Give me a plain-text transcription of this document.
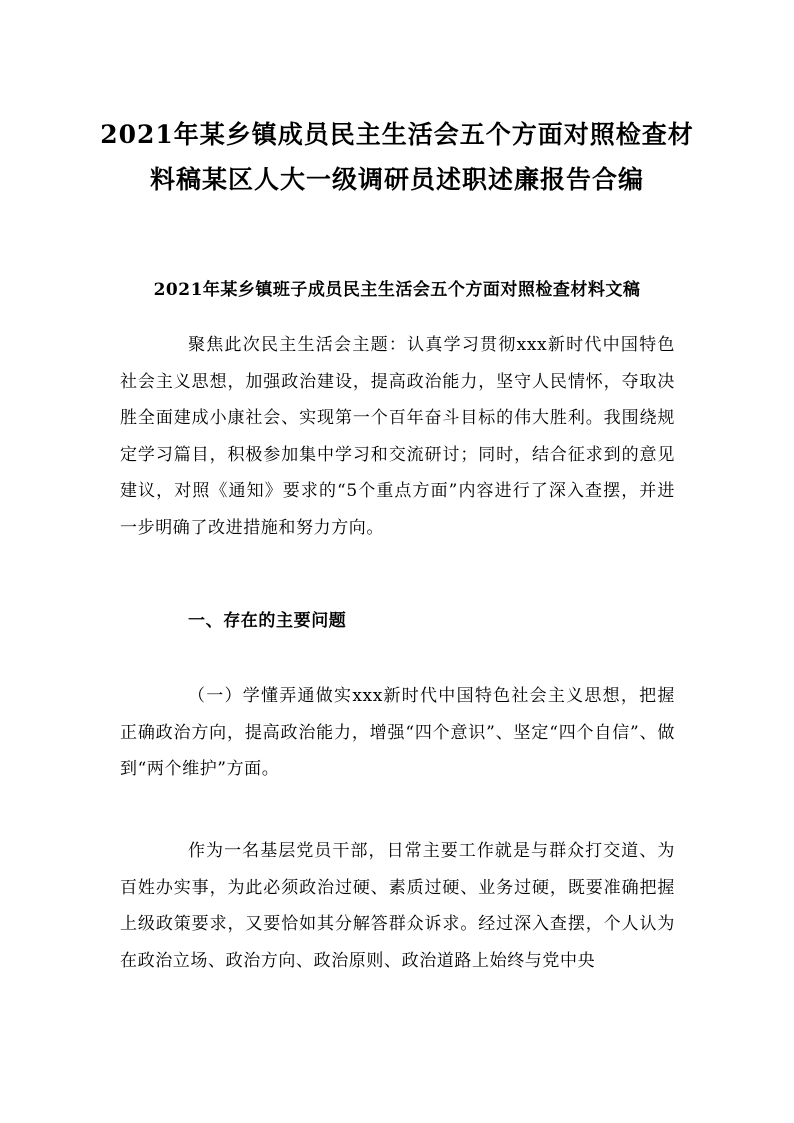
2021年某乡镇成员民主生活会五个方面对照检查材
料稿某区人大一级调研员述职述廉报告合编
2021年某乡镇班子成员民主生活会五个方面对照检查材料文稿

聚焦此次民主生活会主题：认真学习贯彻xxx新时代中国特色社会主义思想，加强政治建设，提高政治能力，坚守人民情怀，夺取决胜全面建成小康社会、实现第一个百年奋斗目标的伟大胜利。我围绕规定学习篇目，积极参加集中学习和交流研讨；同时，结合征求到的意见建议，对照《通知》要求的“5个重点方面”内容进行了深入查摆，并进一步明确了改进措施和努力方向。

一、存在的主要问题

（一）学懂弄通做实xxx新时代中国特色社会主义思想，把握正确政治方向，提高政治能力，增强“四个意识”、坚定“四个自信”、做到“两个维护”方面。

作为一名基层党员干部，日常主要工作就是与群众打交道、为百姓办实事，为此必须政治过硬、素质过硬、业务过硬，既要准确把握上级政策要求，又要恰如其分解答群众诉求。经过深入查摆，个人认为在政治立场、政治方向、政治原则、政治道路上始终与党中央
